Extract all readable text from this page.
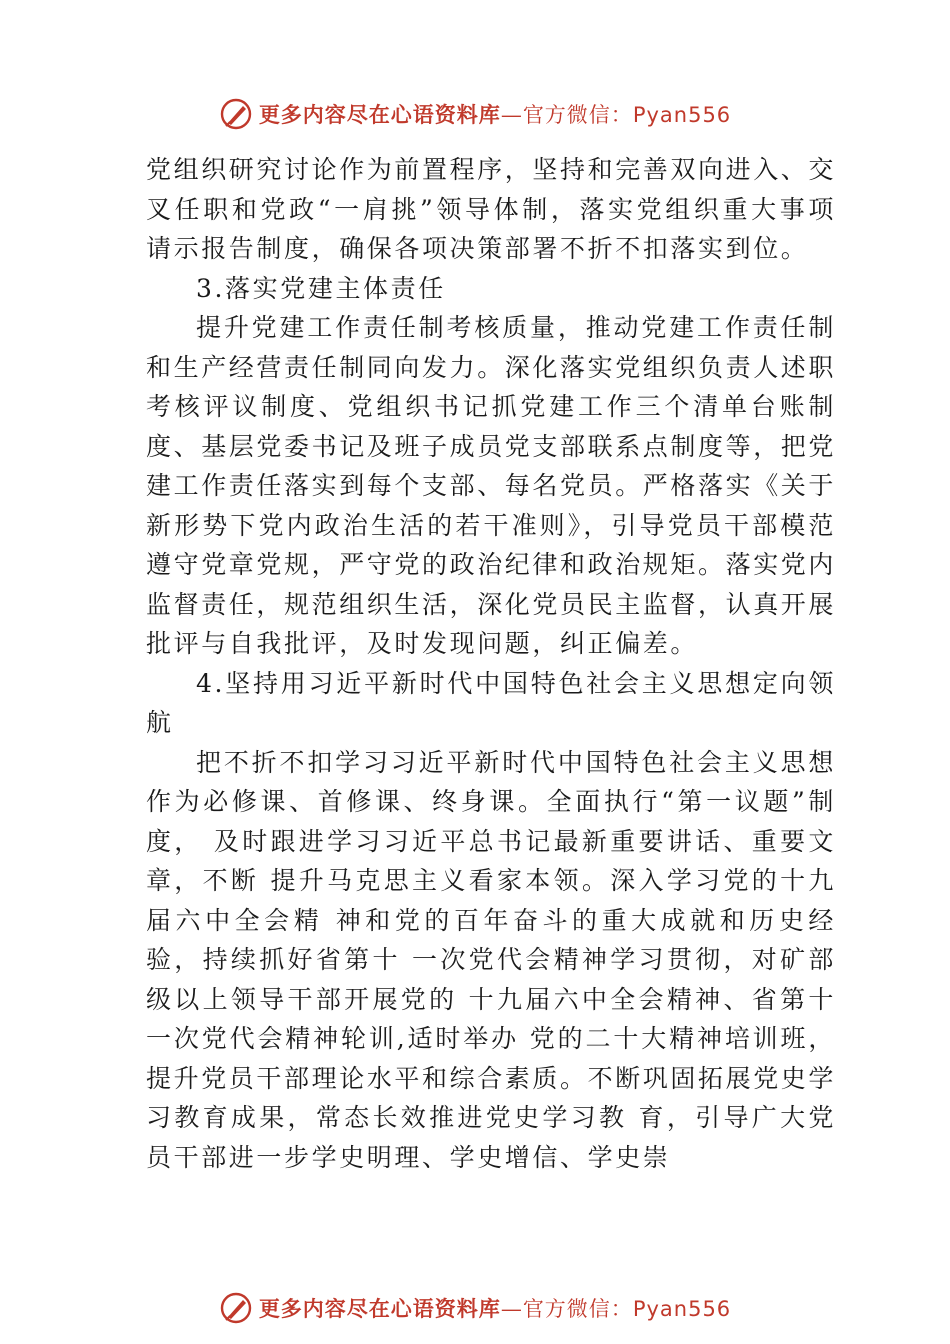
更多内容尽在心语资料库—官方微信：Pyan556

党组织研究讨论作为前置程序，坚持和完善双向进入、交叉任职和党政“一肩挑”领导体制，落实党组织重大事项请示报告制度，确保各项决策部署不折不扣落实到位。

3.落实党建主体责任

提升党建工作责任制考核质量，推动党建工作责任制和生产经营责任制同向发力。深化落实党组织负责人述职考核评议制度、党组织书记抓党建工作三个清单台账制度、基层党委书记及班子成员党支部联系点制度等，把党建工作责任落实到每个支部、每名党员。严格落实《关于新形势下党内政治生活的若干准则》，引导党员干部模范遵守党章党规，严守党的政治纪律和政治规矩。落实党内监督责任，规范组织生活，深化党员民主监督，认真开展批评与自我批评，及时发现问题，纠正偏差。

4.坚持用习近平新时代中国特色社会主义思想定向领航

把不折不扣学习习近平新时代中国特色社会主义思想作为必修课、首修课、终身课。全面执行“第一议题”制度， 及时跟进学习习近平总书记最新重要讲话、重要文章，不断 提升马克思主义看家本领。深入学习党的十九届六中全会精 神和党的百年奋斗的重大成就和历史经验，持续抓好省第十 一次党代会精神学习贯彻，对矿部级以上领导干部开展党的 十九届六中全会精神、省第十一次党代会精神轮训,适时举办 党的二十大精神培训班，提升党员干部理论水平和综合素质。不断巩固拓展党史学习教育成果，常态长效推进党史学习教 育，引导广大党员干部进一步学史明理、学史增信、学史崇

更多内容尽在心语资料库—官方微信：Pyan556
